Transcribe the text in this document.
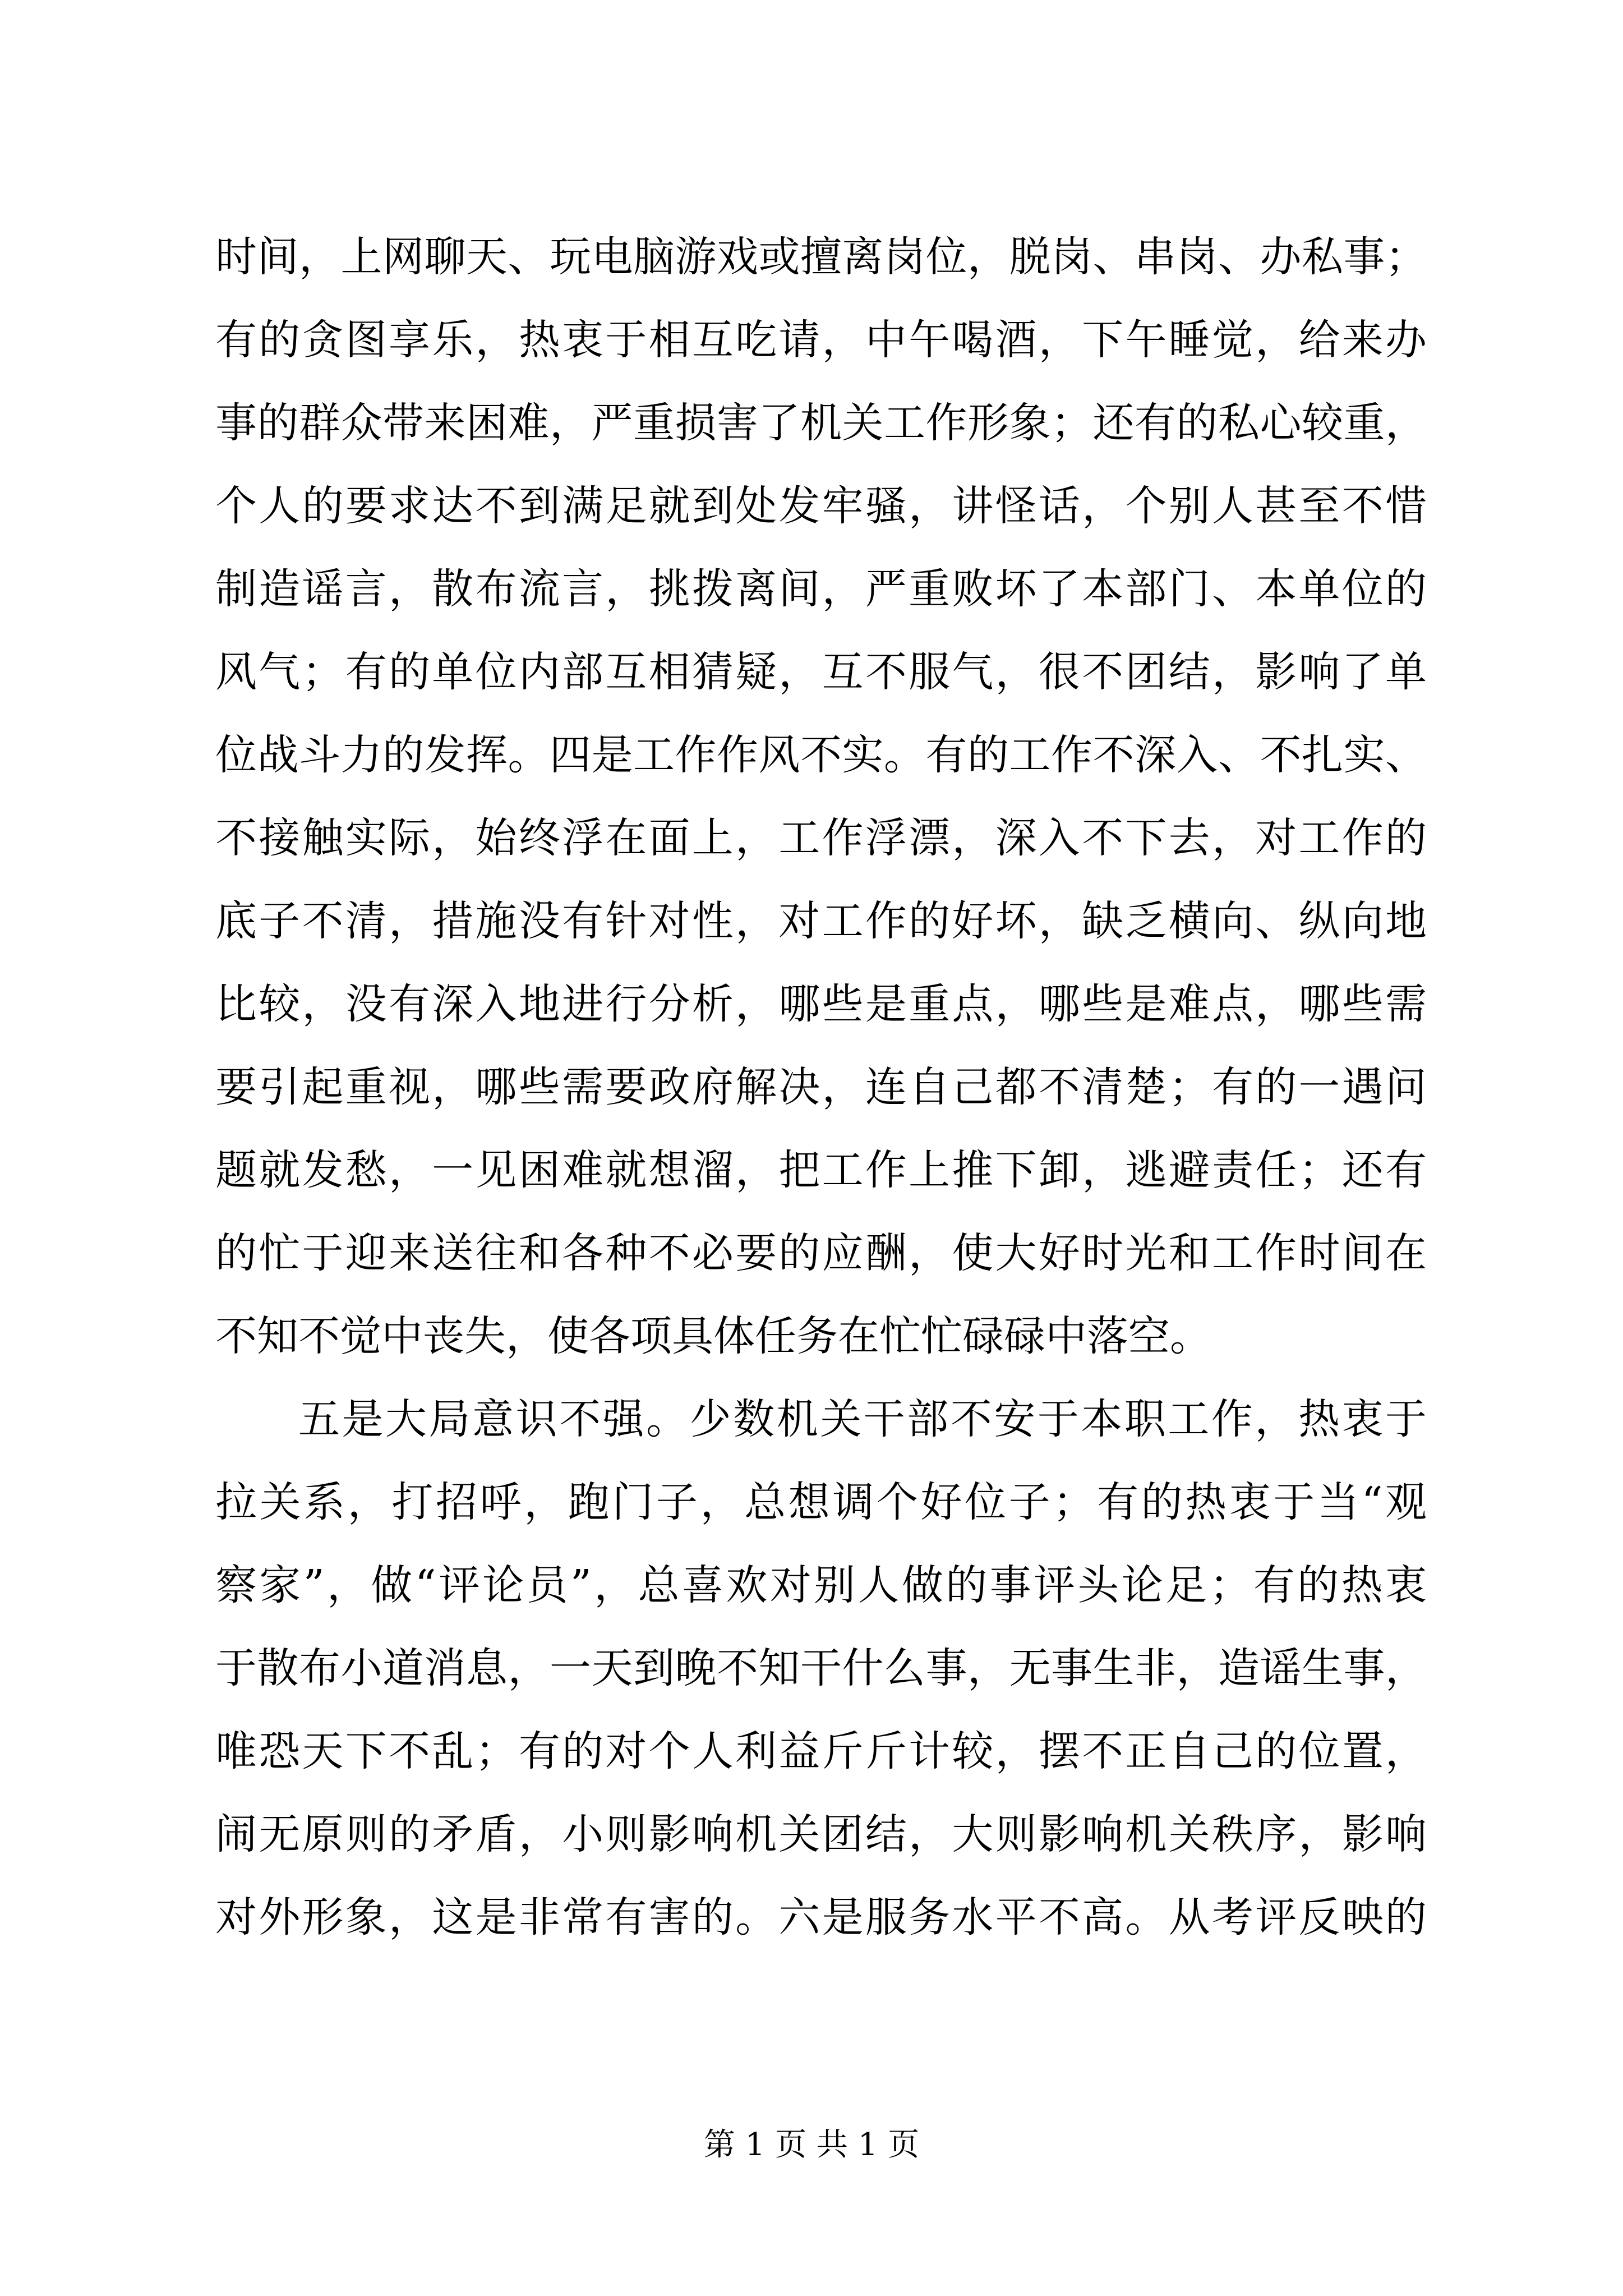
时间，上网聊天、玩电脑游戏或擅离岗位，脱岗、串岗、办私事；
有的贪图享乐，热衷于相互吃请，中午喝酒，下午睡觉，给来办
事的群众带来困难，严重损害了机关工作形象；还有的私心较重，
个人的要求达不到满足就到处发牢骚，讲怪话，个别人甚至不惜
制造谣言，散布流言，挑拨离间，严重败坏了本部门、本单位的
风气；有的单位内部互相猜疑，互不服气，很不团结，影响了单
位战斗力的发挥。四是工作作风不实。有的工作不深入、不扎实、
不接触实际，始终浮在面上，工作浮漂，深入不下去，对工作的
底子不清，措施没有针对性，对工作的好坏，缺乏横向、纵向地
比较，没有深入地进行分析，哪些是重点，哪些是难点，哪些需
要引起重视，哪些需要政府解决，连自己都不清楚；有的一遇问
题就发愁，一见困难就想溜，把工作上推下卸，逃避责任；还有
的忙于迎来送往和各种不必要的应酬，使大好时光和工作时间在
不知不觉中丧失，使各项具体任务在忙忙碌碌中落空。
五是大局意识不强。少数机关干部不安于本职工作，热衷于
拉关系，打招呼，跑门子，总想调个好位子；有的热衷于当“观
察家”，做“评论员”，总喜欢对别人做的事评头论足；有的热衷
于散布小道消息，一天到晚不知干什么事，无事生非，造谣生事，
唯恐天下不乱；有的对个人利益斤斤计较，摆不正自己的位置，
闹无原则的矛盾，小则影响机关团结，大则影响机关秩序，影响
对外形象，这是非常有害的。六是服务水平不高。从考评反映的
第 1 页 共 1 页
